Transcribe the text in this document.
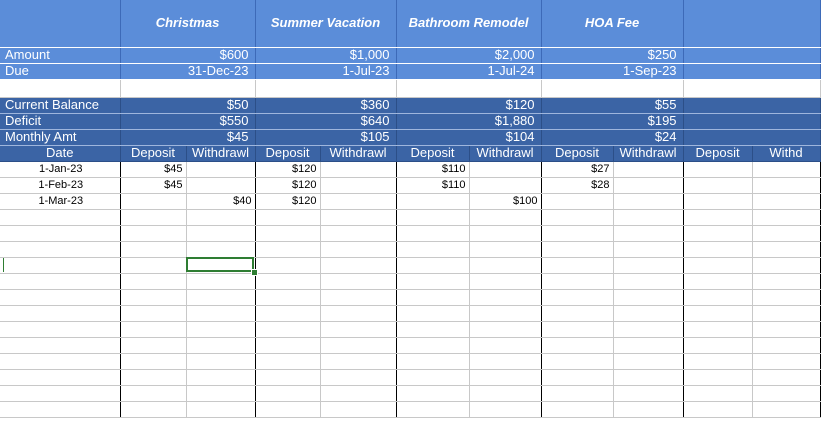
	Christmas		Summer Vacation		Bathroom Remodel		HOA Fee			
Amount	$600		$1,000		$2,000		$250			
Due	31-Dec-23		1-Jul-23		1-Jul-24		1-Sep-23			

Current Balance	$50		$360		$120		$55			
Deficit	$550		$640		$1,880		$195			
Monthly Amt	$45		$105		$104		$24			
Date	Deposit	Withdrawl	Deposit	Withdrawl	Deposit	Withdrawl	Deposit	Withdrawl	Deposit	Withd
1-Jan-23	$45		$120		$110		$27			
1-Feb-23	$45		$120		$110		$28			
1-Mar-23		$40	$120			$100				
